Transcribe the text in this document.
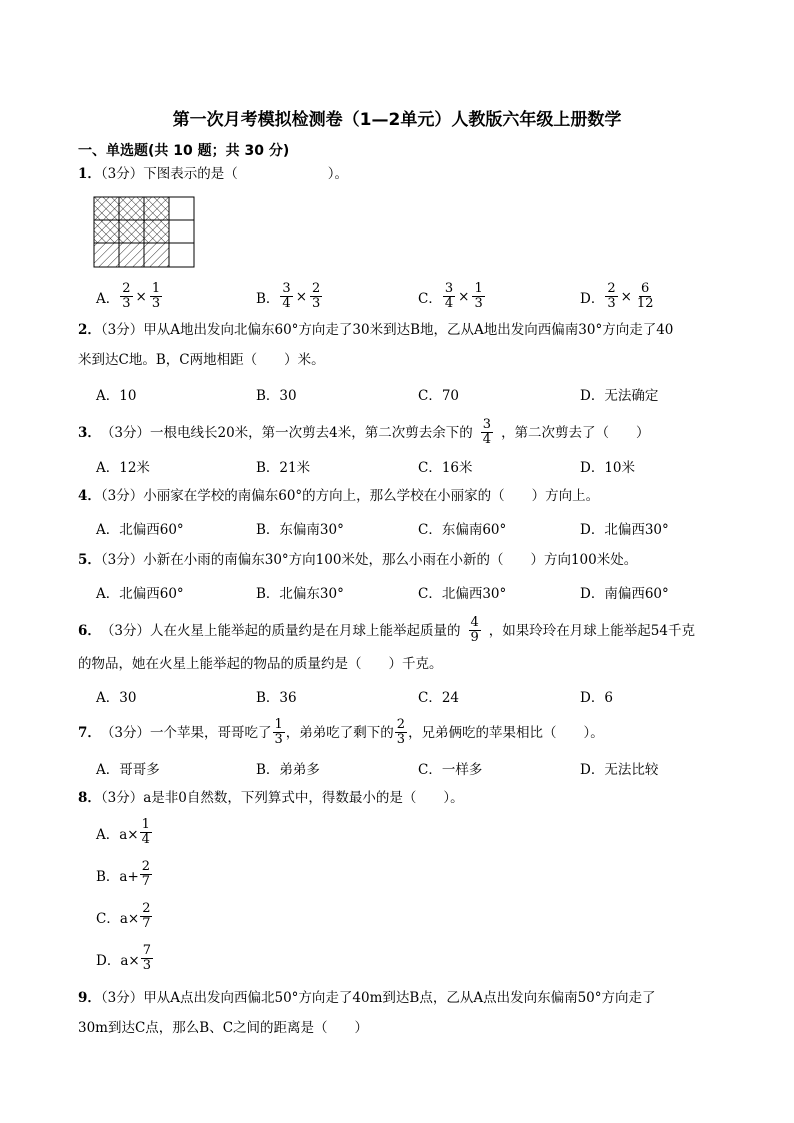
第一次月考模拟检测卷（1—2单元）人教版六年级上册数学
一、单选题(共 10 题；共 30 分)
1．（3分）下图表示的是（	）。
A． $\frac{2}{3} \times \frac{1}{3}$	B． $\frac{3}{4} \times \frac{2}{3}$	C． $\frac{3}{4} \times \frac{1}{3}$	D． $\frac{2}{3} \times \frac{6}{12}$
2．（3分）甲从A地出发向北偏东60°方向走了30米到达B地，乙从A地出发向西偏南30°方向走了40
米到达C地。B，C两地相距（　　）米。
A．10	B．30	C．70	D．无法确定
3． （3分） 一根电线长20米，第一次剪去4米，第二次剪去余下的 $\frac{3}{4}$ ，第二次剪去了（　　）
A．12米	B．21米	C．16米	D．10米
4．（3分）小丽家在学校的南偏东60°的方向上，那么学校在小丽家的（　　）方向上。
A．北偏西60°	B．东偏南30°	C．东偏南60°	D．北偏西30°
5．（3分）小新在小雨的南偏东30°方向100米处，那么小雨在小新的（　　）方向100米处。
A．北偏西60°	B．北偏东30°	C．北偏西30°	D．南偏西60°
6． （3分） 人在火星上能举起的质量约是在月球上能举起质量的 $\frac{4}{9}$ ，如果玲玲在月球上能举起54千克
的物品，她在火星上能举起的物品的质量约是（　　）千克。
A．30	B．36	C．24	D．6
7． （3分） 一个苹果，哥哥吃了 $\frac{1}{3}$ ，弟弟吃了剩下的 $\frac{2}{3}$ ，兄弟俩吃的苹果相比（　　）。
A．哥哥多	B．弟弟多	C．一样多	D．无法比较
8．（3分）a是非0自然数，下列算式中，得数最小的是（　　）。
A．$a\times \frac{1}{4}$
B．$a+ \frac{2}{7}$
C．$a\times \frac{2}{7}$
D．$a\times \frac{7}{3}$
9．（3分）甲从A点出发向西偏北50°方向走了40m到达B点，乙从A点出发向东偏南50°方向走了
30m到达C点，那么B、C之间的距离是（　　）
